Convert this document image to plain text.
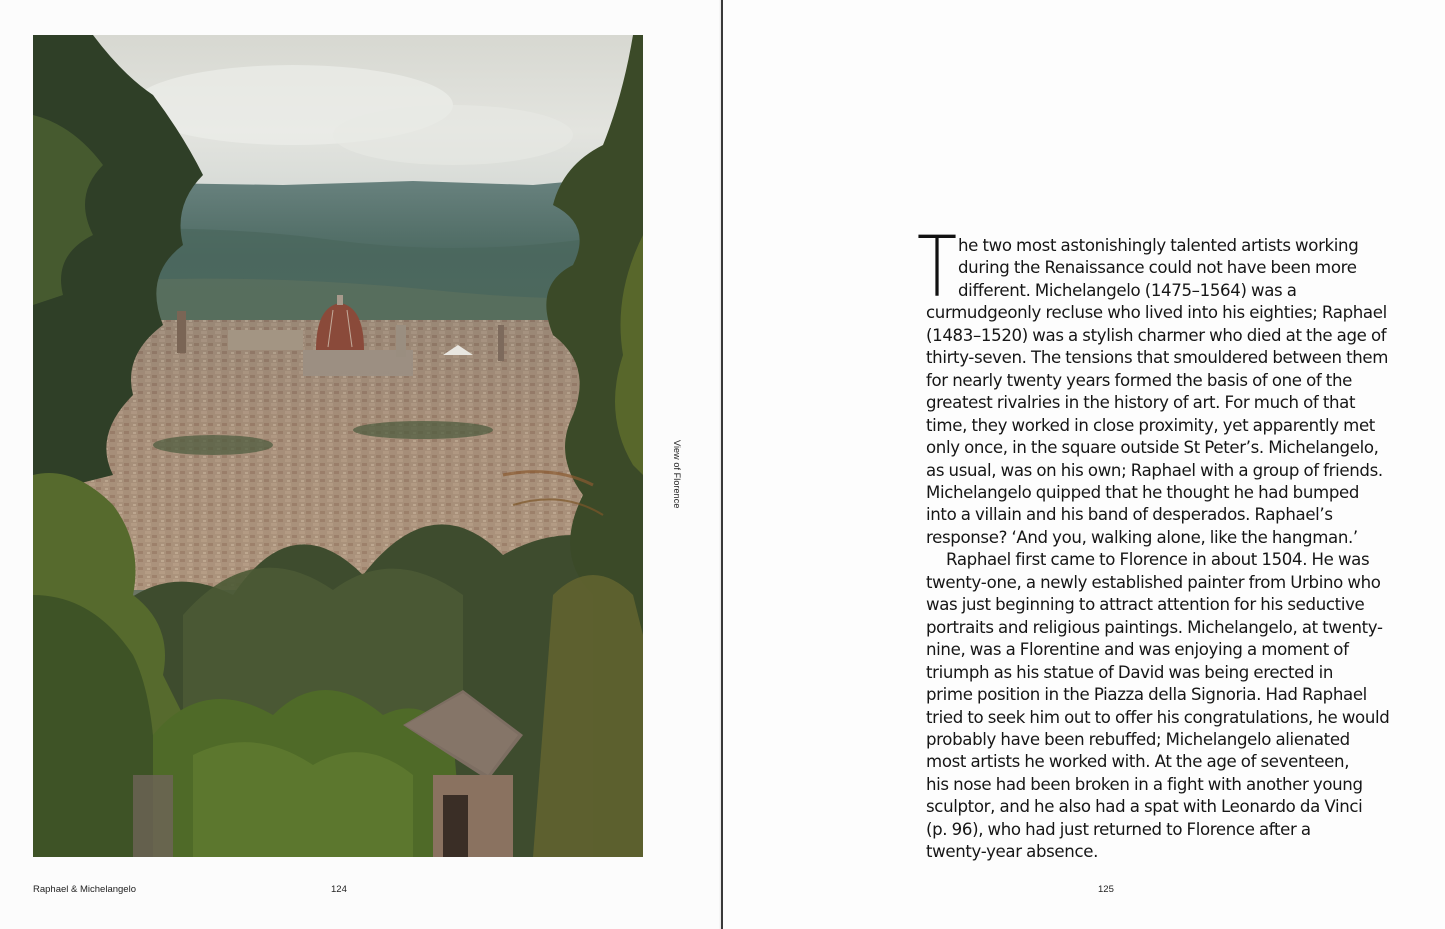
View of Florence
Raphael & Michelangelo	124
T he two most astonishingly talented artists working
during the Renaissance could not have been more
different. Michelangelo (1475–1564) was a
curmudgeonly recluse who lived into his eighties; Raphael
(1483–1520) was a stylish charmer who died at the age of
thirty-seven. The tensions that smouldered between them
for nearly twenty years formed the basis of one of the
greatest rivalries in the history of art. For much of that
time, they worked in close proximity, yet apparently met
only once, in the square outside St Peter’s. Michelangelo,
as usual, was on his own; Raphael with a group of friends.
Michelangelo quipped that he thought he had bumped
into a villain and his band of desperados. Raphael’s
response? ‘And you, walking alone, like the hangman.’
Raphael first came to Florence in about 1504. He was
twenty-one, a newly established painter from Urbino who
was just beginning to attract attention for his seductive
portraits and religious paintings. Michelangelo, at twenty-
nine, was a Florentine and was enjoying a moment of
triumph as his statue of David was being erected in
prime position in the Piazza della Signoria. Had Raphael
tried to seek him out to offer his congratulations, he would
probably have been rebuffed; Michelangelo alienated
most artists he worked with. At the age of seventeen,
his nose had been broken in a fight with another young
sculptor, and he also had a spat with Leonardo da Vinci
(p. 96), who had just returned to Florence after a
twenty-year absence.
125
